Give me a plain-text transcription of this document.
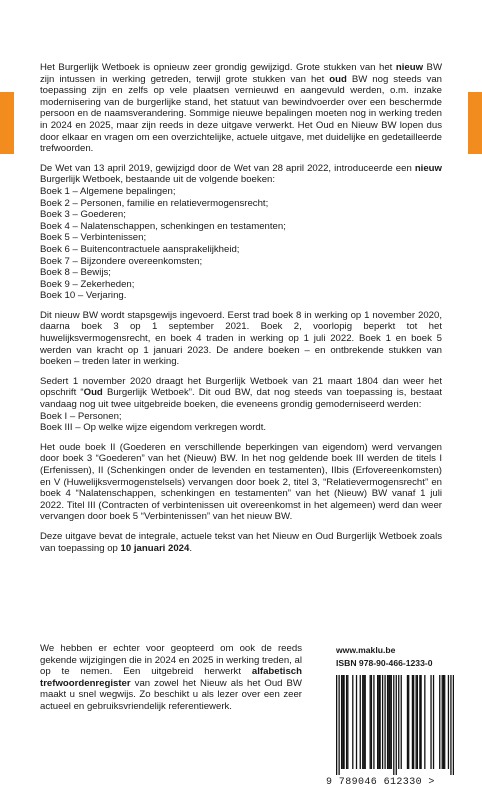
Het Burgerlijk Wetboek is opnieuw zeer grondig gewijzigd. Grote stukken van het nieuw BW zijn intussen in werking getreden, terwijl grote stukken van het oud BW nog steeds van toepassing zijn en zelfs op vele plaatsen vernieuwd en aangevuld werden, o.m. inzake modernisering van de burgerlijke stand, het statuut van bewindvoerder over een beschermde persoon en de naamsverandering. Sommige nieuwe bepalingen moeten nog in werking treden in 2024 en 2025, maar zijn reeds in deze uitgave verwerkt. Het Oud en Nieuw BW lopen dus door elkaar en vragen om een overzichtelijke, actuele uitgave, met duidelijke en gedetailleerde trefwoorden.

De Wet van 13 april 2019, gewijzigd door de Wet van 28 april 2022, introduceerde een nieuw Burgerlijk Wetboek, bestaande uit de volgende boeken:
Boek 1 – Algemene bepalingen;
Boek 2 – Personen, familie en relatievermogensrecht;
Boek 3 – Goederen;
Boek 4 – Nalatenschappen, schenkingen en testamenten;
Boek 5 – Verbintenissen;
Boek 6 – Buitencontractuele aansprakelijkheid;
Boek 7 – Bijzondere overeenkomsten;
Boek 8 – Bewijs;
Boek 9 – Zekerheden;
Boek 10 – Verjaring.

Dit nieuw BW wordt stapsgewijs ingevoerd. Eerst trad boek 8 in werking op 1 november 2020, daarna boek 3 op 1 september 2021. Boek 2, voorlopig beperkt tot het huwelijksvermogensrecht, en boek 4 traden in werking op 1 juli 2022. Boek 1 en boek 5 werden van kracht op 1 januari 2023. De andere boeken – en ontbrekende stukken van boeken – treden later in werking.

Sedert 1 november 2020 draagt het Burgerlijk Wetboek van 21 maart 1804 dan weer het opschrift “Oud Burgerlijk Wetboek”. Dit oud BW, dat nog steeds van toepassing is, bestaat vandaag nog uit twee uitgebreide boeken, die eveneens grondig gemoderniseerd werden:
Boek I – Personen;
Boek III – Op welke wijze eigendom verkregen wordt.

Het oude boek II (Goederen en verschillende beperkingen van eigendom) werd vervangen door boek 3 “Goederen” van het (Nieuw) BW. In het nog geldende boek III werden de titels I (Erfenissen), II (Schenkingen onder de levenden en testamenten), IIbis (Erfovereenkomsten) en V (Huwelijksvermogenstelsels) vervangen door boek 2, titel 3, “Relatievermogensrecht” en boek 4 “Nalatenschappen, schenkingen en testamenten” van het (Nieuw) BW vanaf 1 juli 2022. Titel III (Contracten of verbintenissen uit overeenkomst in het algemeen) werd dan weer vervangen door boek 5 “Verbintenissen” van het nieuw BW.

Deze uitgave bevat de integrale, actuele tekst van het Nieuw en Oud Burgerlijk Wetboek zoals van toepassing op 10 januari 2024.

We hebben er echter voor geopteerd om ook de reeds gekende wijzigingen die in 2024 en 2025 in werking treden, al op te nemen. Een uitgebreid herwerkt alfabetisch trefwoordenregister van zowel het Nieuw als het Oud BW maakt u snel wegwijs. Zo beschikt u als lezer over een zeer actueel en gebruiksvriendelijk referentiewerk.

www.maklu.be
ISBN 978-90-466-1233-0
9 789046 612330 >
